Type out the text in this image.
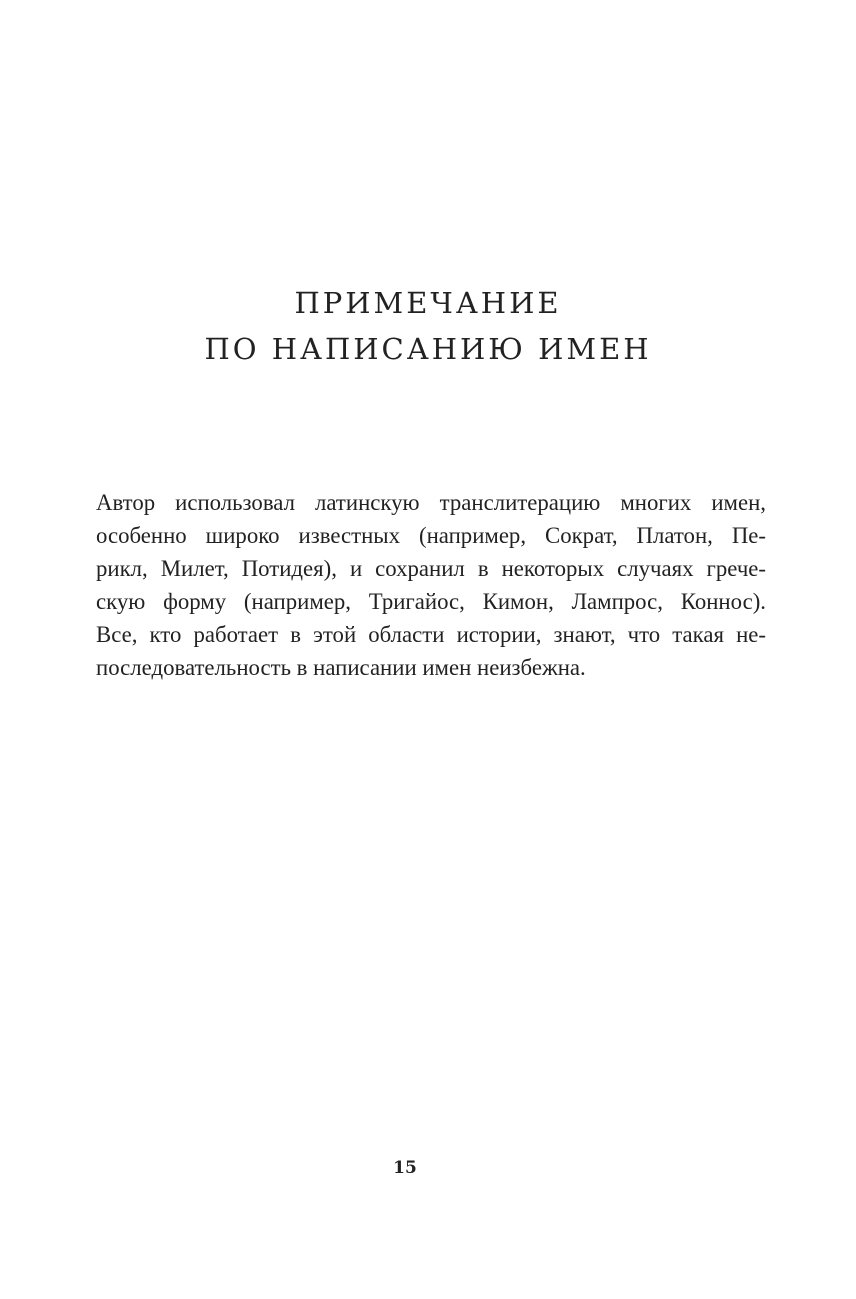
ПРИМЕЧАНИЕ
ПО НАПИСАНИЮ ИМЕН
Автор использовал латинскую транслитерацию многих имен,
особенно широко известных (например, Сократ, Платон, Пе-
рикл, Милет, Потидея), и сохранил в некоторых случаях грече-
скую форму (например, Тригайос, Кимон, Лампрос, Коннос).
Все, кто работает в этой области истории, знают, что такая не-
последовательность в написании имен неизбежна.
15
